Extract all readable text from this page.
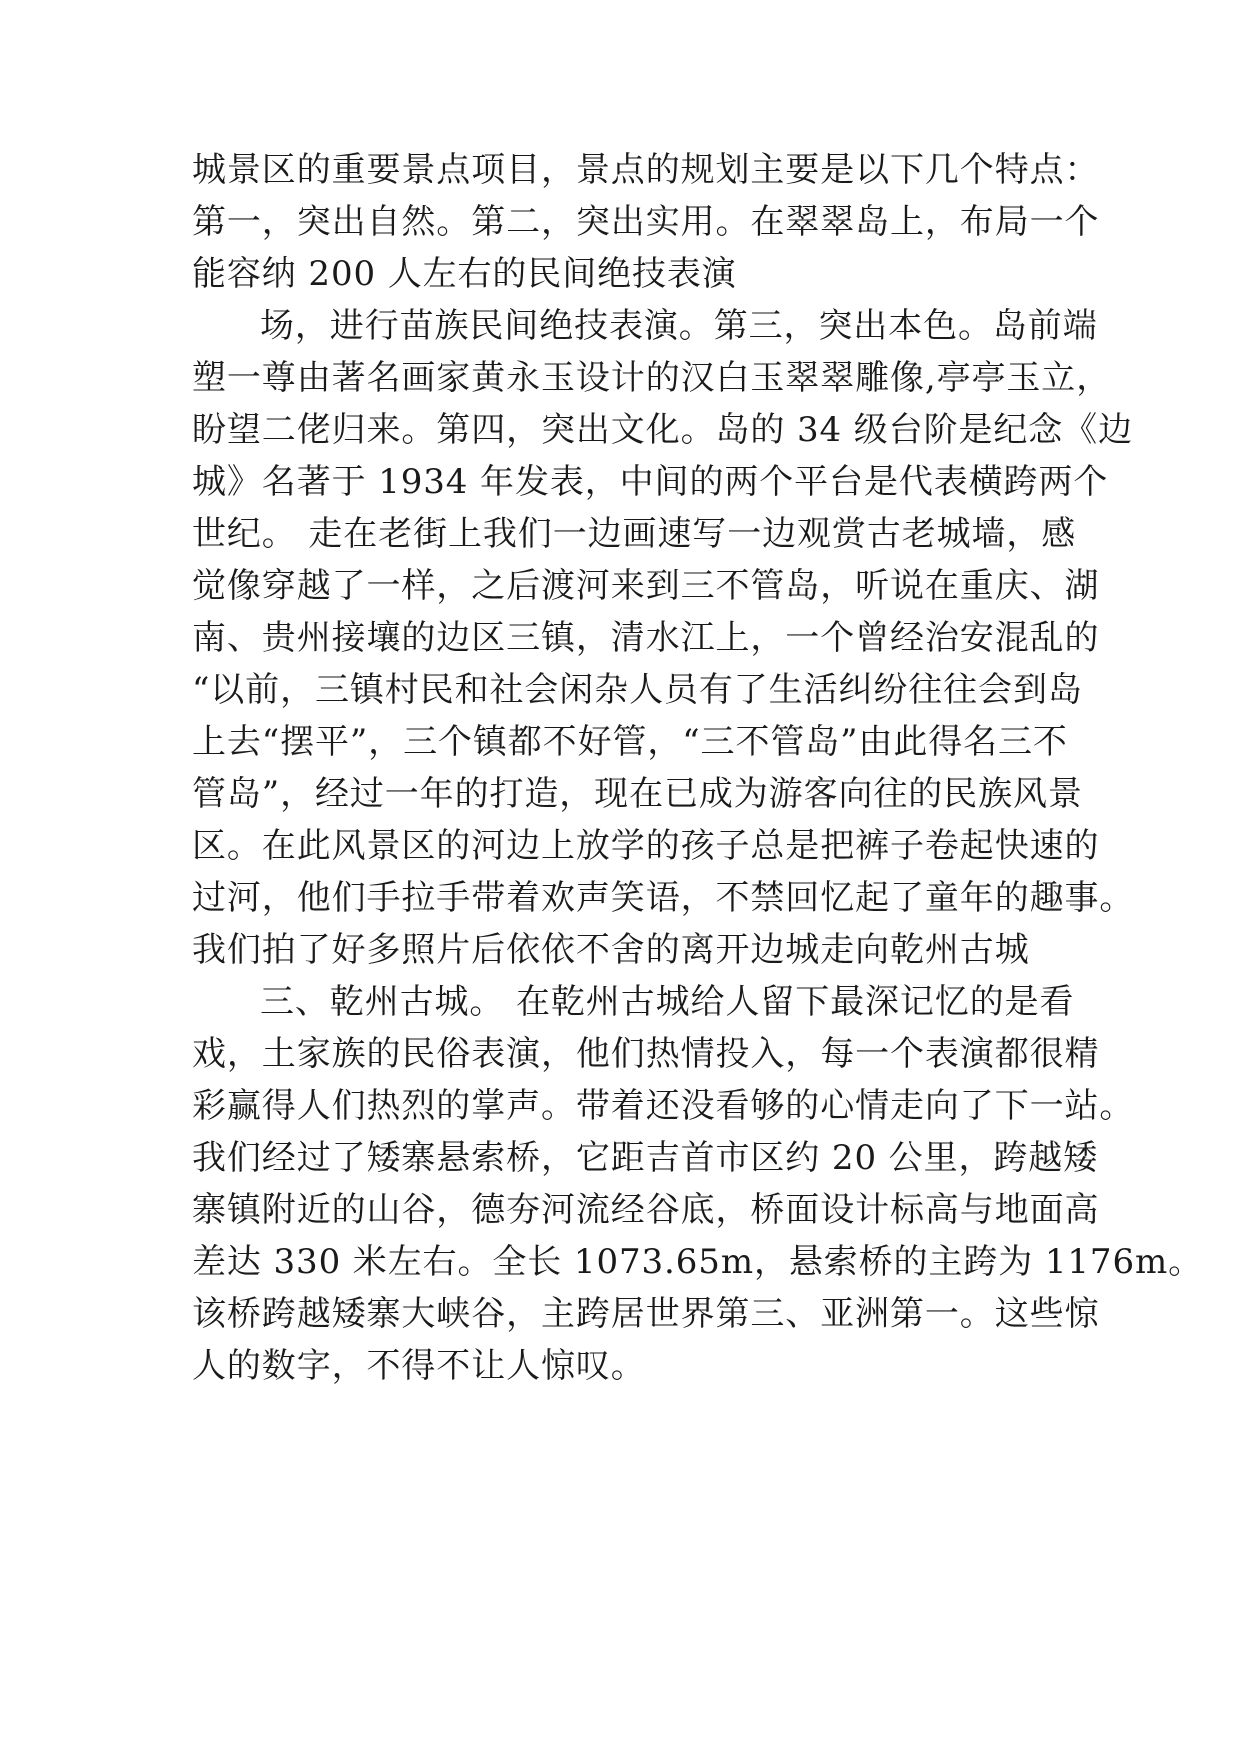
城景区的重要景点项目，景点的规划主要是以下几个特点：
第一，突出自然。第二，突出实用。在翠翠岛上，布局一个
能容纳 200 人左右的民间绝技表演
场，进行苗族民间绝技表演。第三，突出本色。岛前端
塑一尊由著名画家黄永玉设计的汉白玉翠翠雕像,亭亭玉立，
盼望二佬归来。第四，突出文化。岛的 34 级台阶是纪念《边
城》名著于 1934 年发表，中间的两个平台是代表横跨两个
世纪。 走在老街上我们一边画速写一边观赏古老城墙，感
觉像穿越了一样，之后渡河来到三不管岛，听说在重庆、湖
南、贵州接壤的边区三镇，清水江上，一个曾经治安混乱的
“以前，三镇村民和社会闲杂人员有了生活纠纷往往会到岛
上去“摆平”，三个镇都不好管，“三不管岛”由此得名三不
管岛”，经过一年的打造，现在已成为游客向往的民族风景
区。在此风景区的河边上放学的孩子总是把裤子卷起快速的
过河，他们手拉手带着欢声笑语，不禁回忆起了童年的趣事。
我们拍了好多照片后依依不舍的离开边城走向乾州古城
三、乾州古城。 在乾州古城给人留下最深记忆的是看
戏，土家族的民俗表演，他们热情投入，每一个表演都很精
彩赢得人们热烈的掌声。带着还没看够的心情走向了下一站。
我们经过了矮寨悬索桥，它距吉首市区约 20 公里，跨越矮
寨镇附近的山谷，德夯河流经谷底，桥面设计标高与地面高
差达 330 米左右。全长 1073.65m，悬索桥的主跨为 1176m。
该桥跨越矮寨大峡谷，主跨居世界第三、亚洲第一。这些惊
人的数字，不得不让人惊叹。
